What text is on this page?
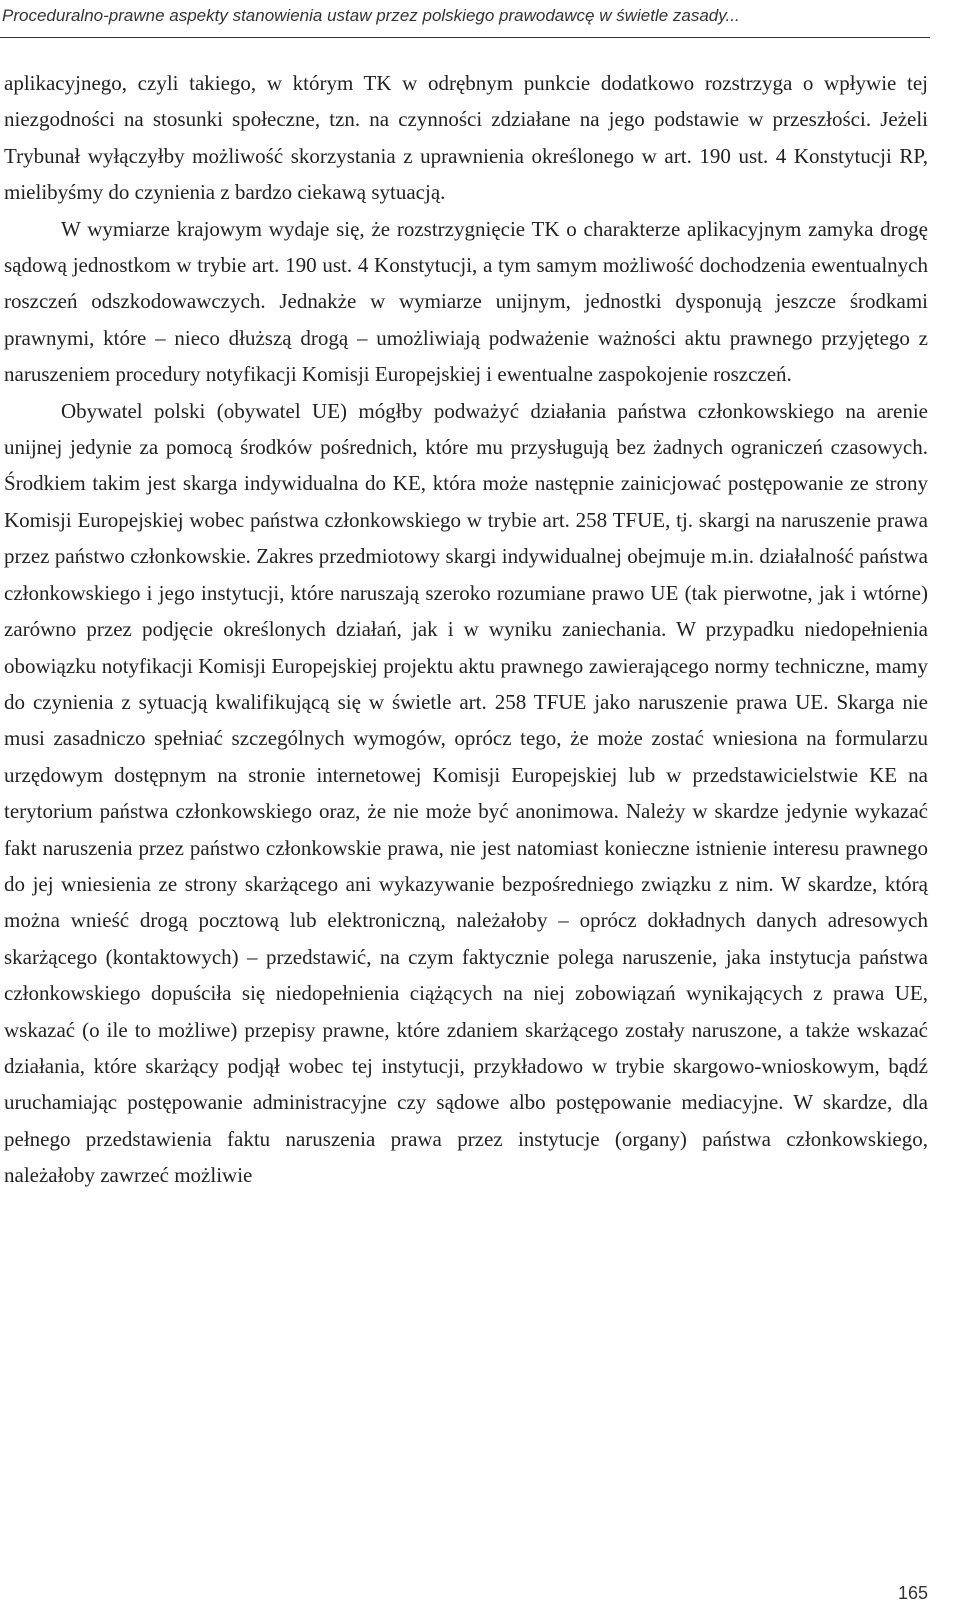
Proceduralno-prawne aspekty stanowienia ustaw przez polskiego prawodawcę w świetle zasady...

aplikacyjnego, czyli takiego, w którym TK w odrębnym punkcie dodatkowo rozstrzyga o wpływie tej niezgodności na stosunki społeczne, tzn. na czynności zdziałane na jego podstawie w przeszłości. Jeżeli Trybunał wyłączyłby możliwość skorzystania z uprawnienia określonego w art. 190 ust. 4 Konstytucji RP, mielibyśmy do czynienia z bardzo ciekawą sytuacją.

W wymiarze krajowym wydaje się, że rozstrzygnięcie TK o charakterze aplikacyjnym zamyka drogę sądową jednostkom w trybie art. 190 ust. 4 Konstytucji, a tym samym możliwość dochodzenia ewentualnych roszczeń odszkodowawczych. Jednakże w wymiarze unijnym, jednostki dysponują jeszcze środkami prawnymi, które – nieco dłuższą drogą – umożliwiają podważenie ważności aktu prawnego przyjętego z naruszeniem procedury notyfikacji Komisji Europejskiej i ewentualne zaspokojenie roszczeń.

Obywatel polski (obywatel UE) mógłby podważyć działania państwa członkowskiego na arenie unijnej jedynie za pomocą środków pośrednich, które mu przysługują bez żadnych ograniczeń czasowych. Środkiem takim jest skarga indywidualna do KE, która może następnie zainicjować postępowanie ze strony Komisji Europejskiej wobec państwa członkowskiego w trybie art. 258 TFUE, tj. skargi na naruszenie prawa przez państwo członkowskie. Zakres przedmiotowy skargi indywidualnej obejmuje m.in. działalność państwa członkowskiego i jego instytucji, które naruszają szeroko rozumiane prawo UE (tak pierwotne, jak i wtórne) zarówno przez podjęcie określonych działań, jak i w wyniku zaniechania. W przypadku niedopełnienia obowiązku notyfikacji Komisji Europejskiej projektu aktu prawnego zawierającego normy techniczne, mamy do czynienia z sytuacją kwalifikującą się w świetle art. 258 TFUE jako naruszenie prawa UE. Skarga nie musi zasadniczo spełniać szczególnych wymogów, oprócz tego, że może zostać wniesiona na formularzu urzędowym dostępnym na stronie internetowej Komisji Europejskiej lub w przedstawicielstwie KE na terytorium państwa członkowskiego oraz, że nie może być anonimowa. Należy w skardze jedynie wykazać fakt naruszenia przez państwo członkowskie prawa, nie jest natomiast konieczne istnienie interesu prawnego do jej wniesienia ze strony skarżącego ani wykazywanie bezpośredniego związku z nim. W skardze, którą można wnieść drogą pocztową lub elektroniczną, należałoby – oprócz dokładnych danych adresowych skarżącego (kontaktowych) – przedstawić, na czym faktycznie polega naruszenie, jaka instytucja państwa członkowskiego dopuściła się niedopełnienia ciążących na niej zobowiązań wynikających z prawa UE, wskazać (o ile to możliwe) przepisy prawne, które zdaniem skarżącego zostały naruszone, a także wskazać działania, które skarżący podjął wobec tej instytucji, przykładowo w trybie skargowo-wnioskowym, bądź uruchamiając postępowanie administracyjne czy sądowe albo postępowanie mediacyjne. W skardze, dla pełnego przedstawienia faktu naruszenia prawa przez instytucje (organy) państwa członkowskiego, należałoby zawrzeć możliwie

165
